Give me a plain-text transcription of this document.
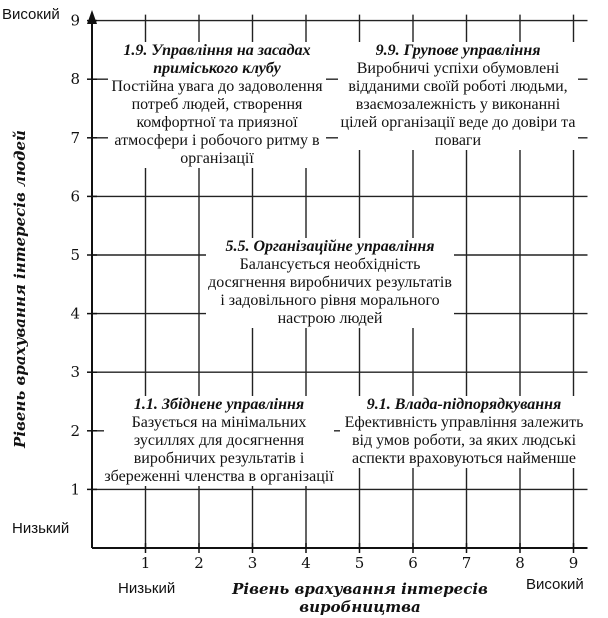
1
1
2
2
3
3
4
4
5
5
6
6
7
7
8
8
9
9
Високий
Низький
Рівень врахування інтересів людей
Низький	Високий
Рівень врахування інтересів виробництва
1.9. Управління на засадах приміського клубу
Постійна увага до задоволення потреб людей, створення комфортної та приязної атмосфери і робочого ритму в організації
9.9. Групове управління
Виробничі успіхи обумовлені відданими своїй роботі людьми, взаємозалежність у виконанні цілей організації веде до довіри та поваги
5.5. Організаційне управління
Балансується необхідність досягнення виробничих результатів і задовільного рівня морального настрою людей
1.1. Збіднене управління
Базується на мінімальних зусиллях для досягнення виробничих результатів і збереженні членства в організації
9.1. Влада-підпорядкування
Ефективність управління залежить від умов роботи, за яких людські аспекти враховуються найменше
